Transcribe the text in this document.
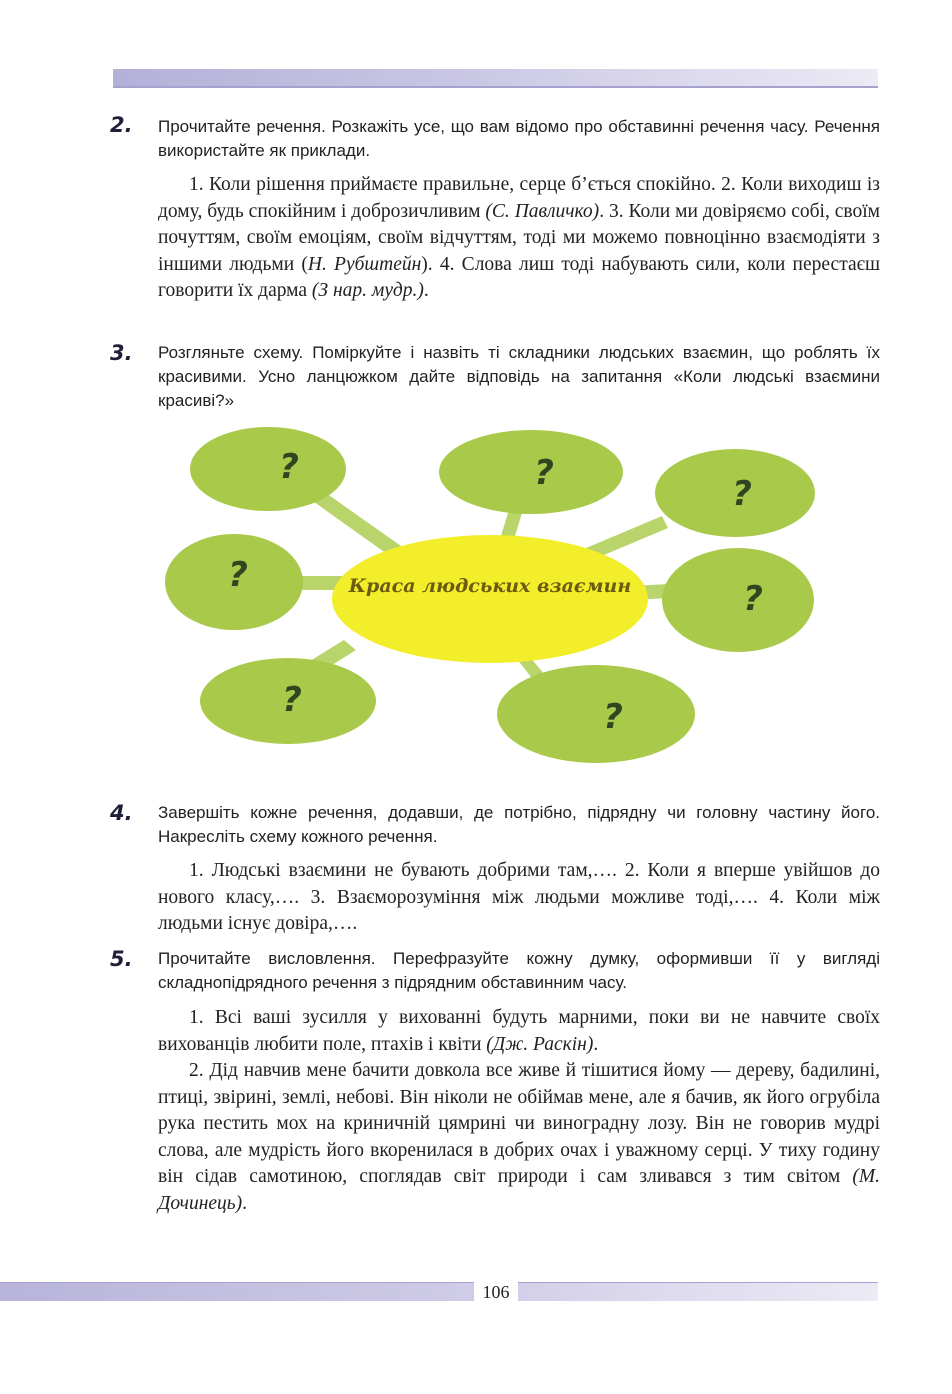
2. Прочитайте речення. Розкажіть усе, що вам відомо про обставинні речення часу. Речення використайте як приклади.

1. Коли рішення приймаєте правильне, серце б’ється спокійно. 2. Коли виходиш із дому, будь спокійним і доброзичливим (С. Павличко). 3. Коли ми довіряємо собі, своїм почуттям, своїм емоціям, своїм відчуттям, тоді ми можемо повноцінно взаємодіяти з іншими людьми (Н. Рубштейн). 4. Слова лиш тоді набувають сили, коли перестаєш говорити їх дарма (З нар. мудр.).

3. Розгляньте схему. Поміркуйте і назвіть ті складники людських взаємин, що роблять їх красивими. Усно ланцюжком дайте відповідь на запитання «Коли людські взаємини красиві?»

Краса людських взаємин
?	?
?
?
?
?	?
4. Завершіть кожне речення, додавши, де потрібно, підрядну чи головну частину його. Накресліть схему кожного речення.

1. Людські взаємини не бувають добрими там,…. 2. Коли я вперше увійшов до нового класу,…. 3. Взаєморозуміння між людьми можливе тоді,…. 4. Коли між людьми існує довіра,….

5. Прочитайте висловлення. Перефразуйте кожну думку, оформивши її у вигляді складнопідрядного речення з підрядним обставинним часу.

1. Всі ваші зусилля у вихованні будуть марними, поки ви не навчите своїх вихованців любити поле, птахів і квіти (Дж. Раскін).

2. Дід навчив мене бачити довкола все живе й тішитися йому — дереву, бадилині, птиці, звірині, землі, небові. Він ніколи не обіймав мене, але я бачив, як його огрубіла рука пестить мох на криничній цямрині чи виноградну лозу. Він не говорив мудрі слова, але мудрість його вкоренилася в добрих очах і уважному серці. У тиху годину він сідав самотиною, споглядав світ природи і сам зливався з тим світом (М. Дочинець).

106
